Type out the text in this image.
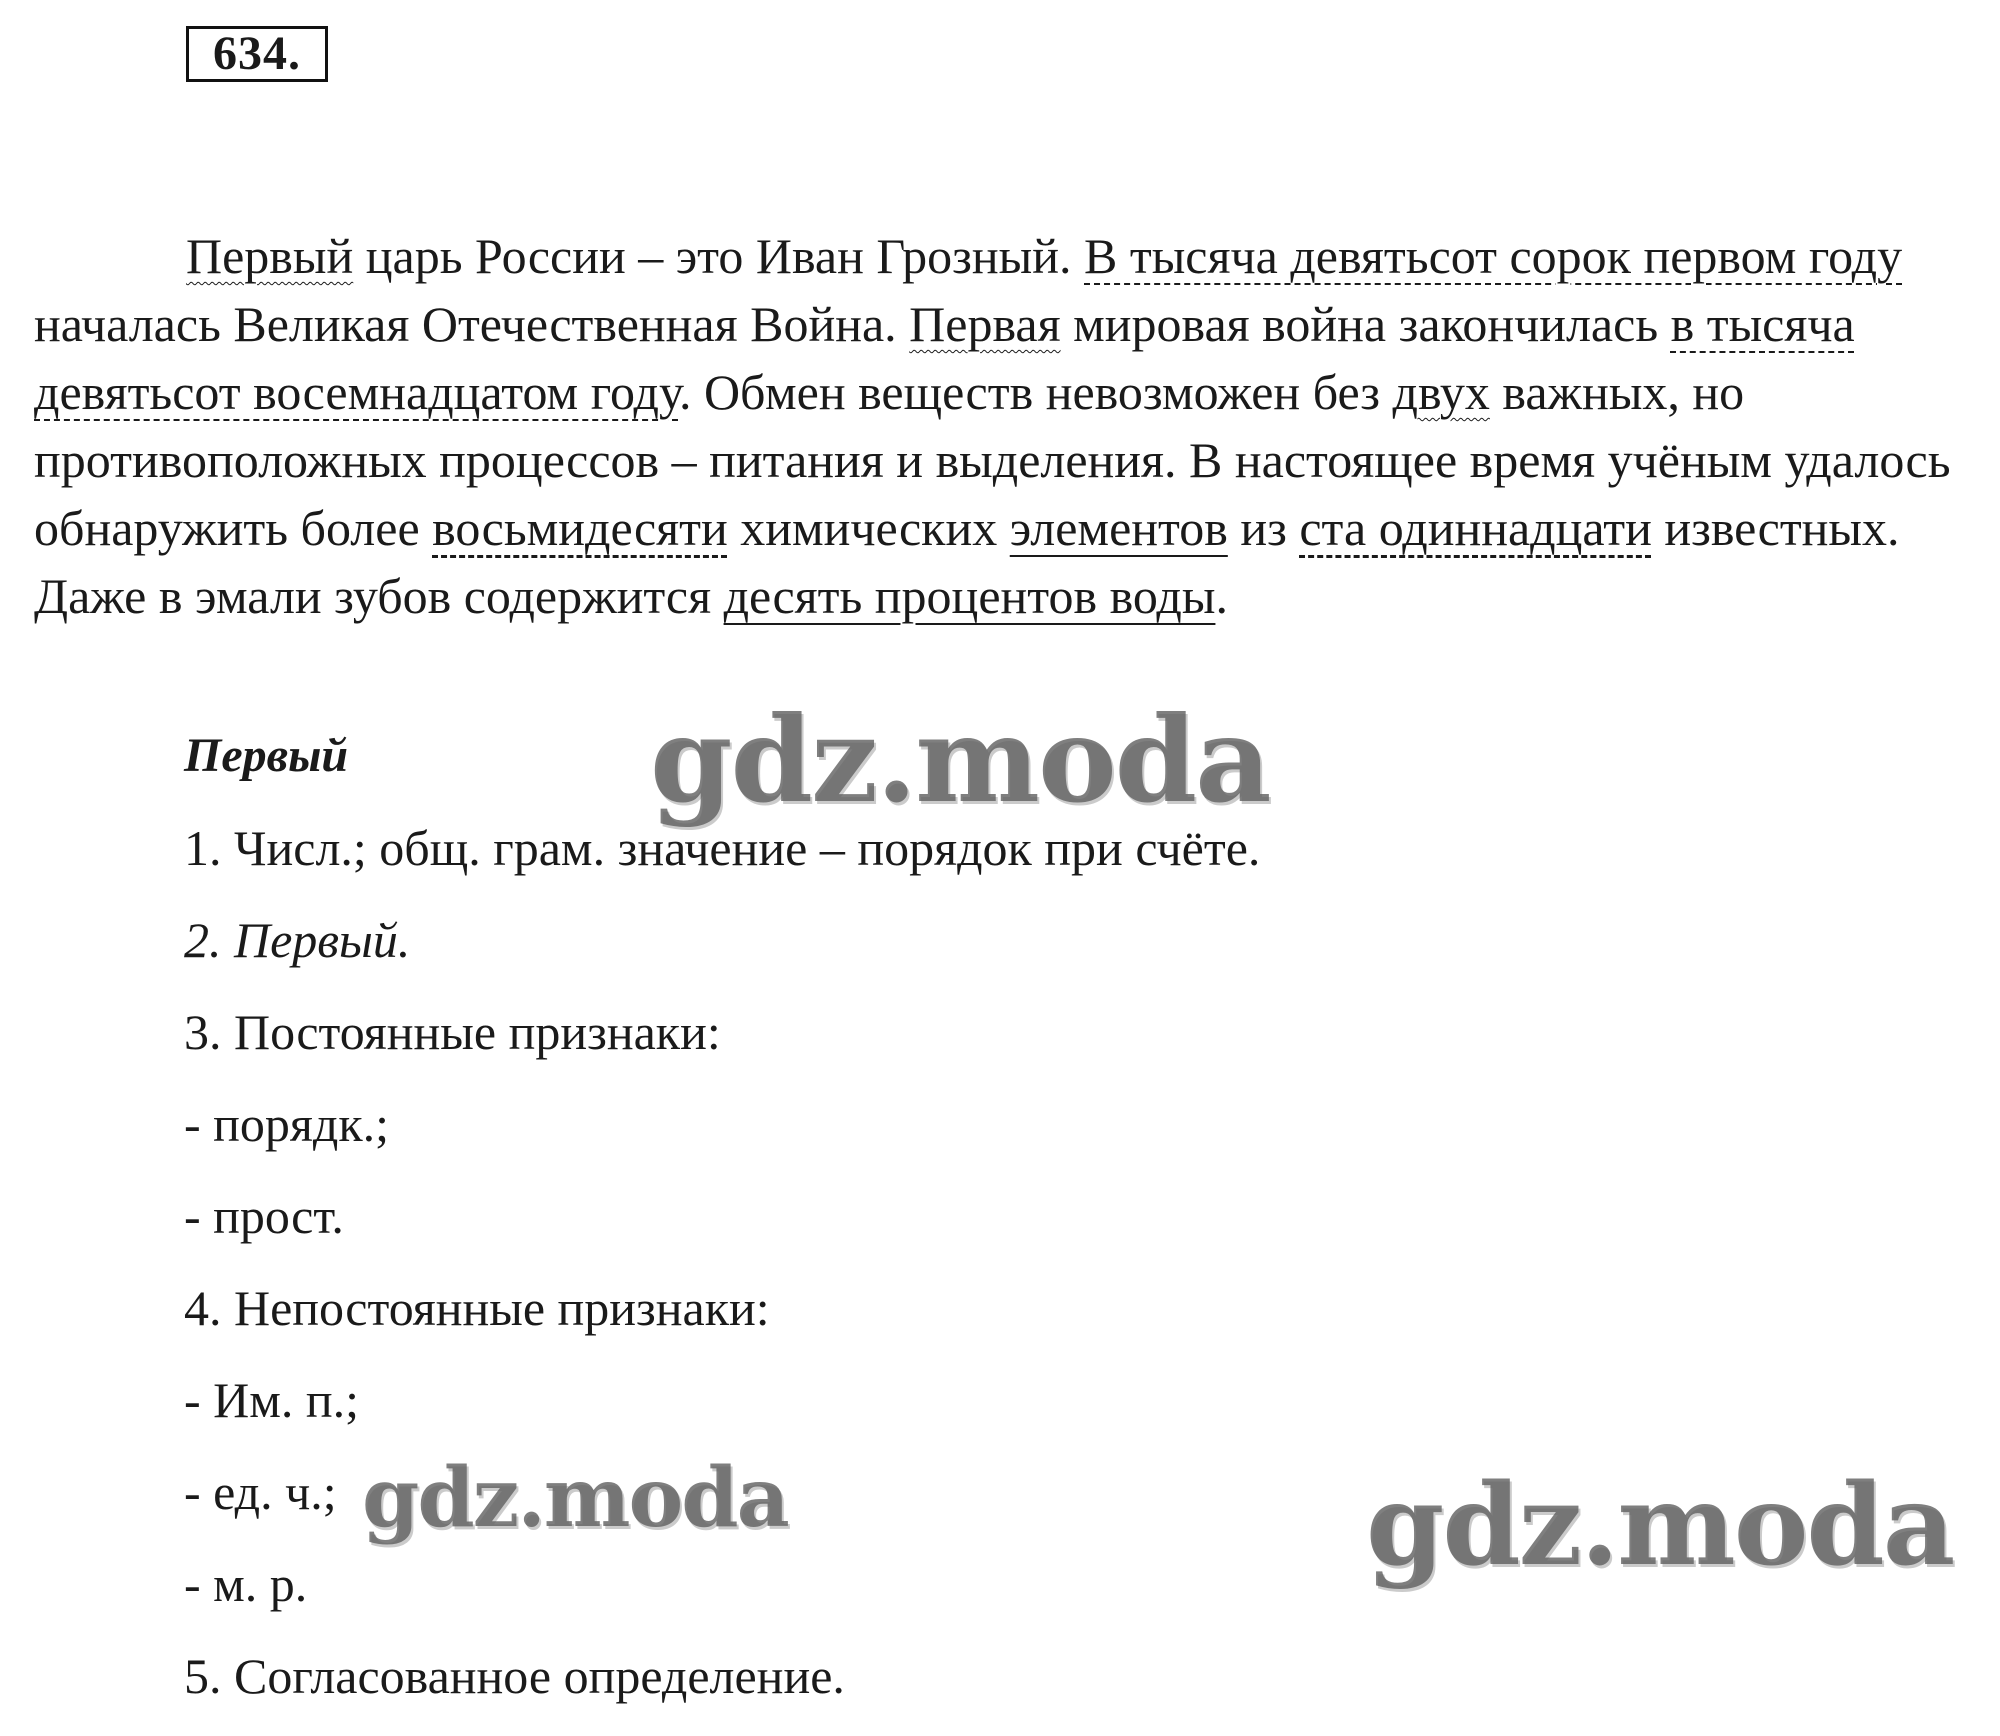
634.

Первый царь России – это Иван Грозный. В тысяча девятьсот сорок первом году началась Великая Отечественная Война. Первая мировая война закончилась в тысяча девятьсот восемнадцатом году. Обмен веществ невозможен без двух важных, но противоположных процессов – питания и выделения. В настоящее время учёным удалось обнаружить более восьмидесяти химических элементов из ста одиннадцати известных. Даже в эмали зубов содержится десять процентов воды.

Первый

1. Числ.; общ. грам. значение – порядок при счёте.
2. Первый.
3. Постоянные признаки:
- порядк.;
- прост.
4. Непостоянные признаки:
- Им. п.;
- ед. ч.;
- м. р.
5. Согласованное определение.
gdz.moda
gdz.moda	gdz.moda
